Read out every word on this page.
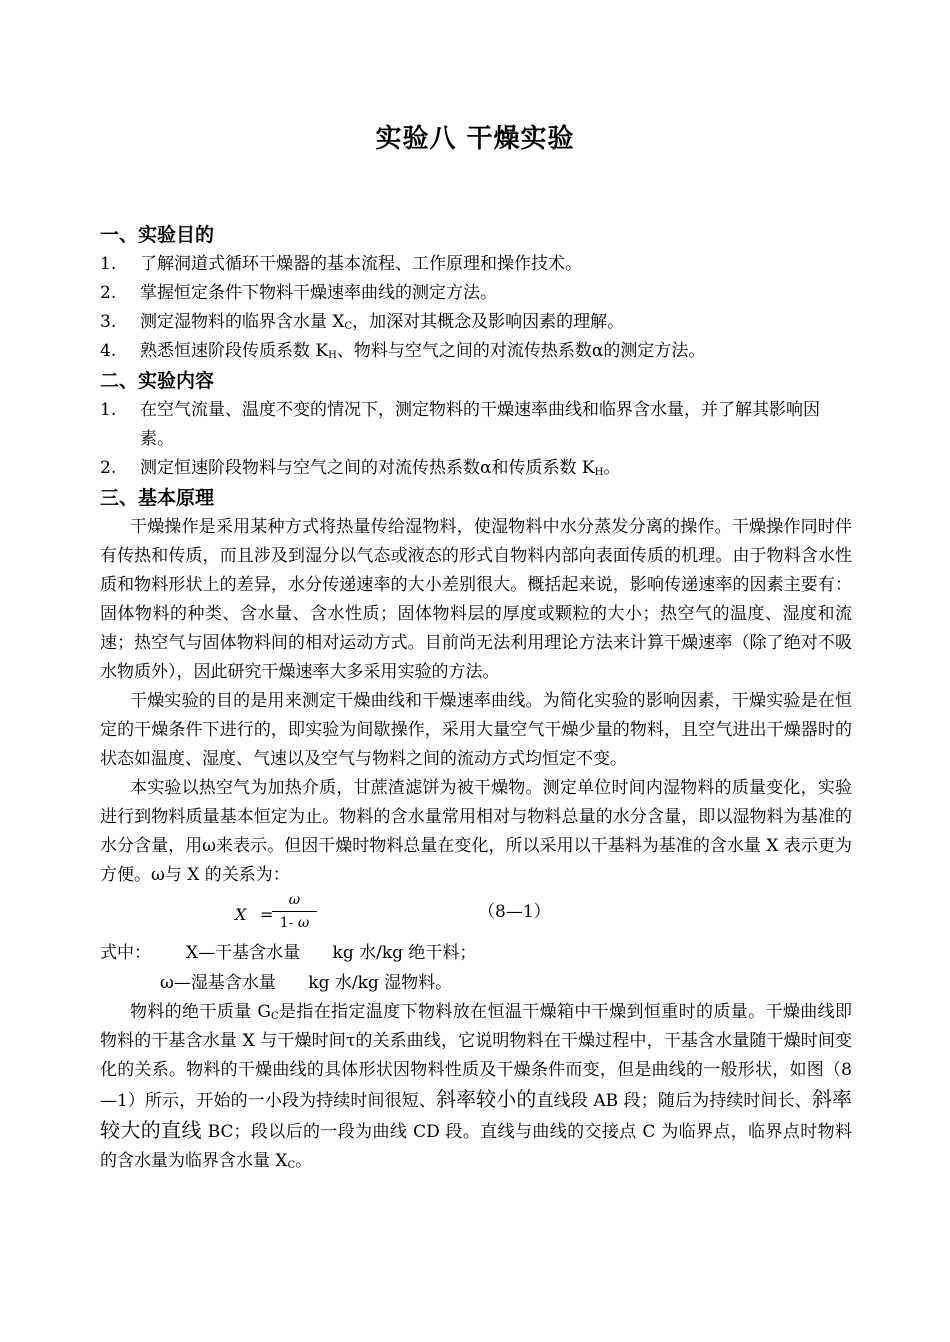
实验八 干燥实验
一、实验目的
1.	了解洞道式循环干燥器的基本流程、工作原理和操作技术。
2.	掌握恒定条件下物料干燥速率曲线的测定方法。
3.	测定湿物料的临界含水量 $X_C$，加深对其概念及影响因素的理解。
4.	熟悉恒速阶段传质系数 $K_H$、物料与空气之间的对流传热系数α的测定方法。
二、实验内容
1.	在空气流量、温度不变的情况下，测定物料的干燥速率曲线和临界含水量，并了解其影响因素。
2.	测定恒速阶段物料与空气之间的对流传热系数α和传质系数 $K_H$。
三、基本原理
干燥操作是采用某种方式将热量传给湿物料，使湿物料中水分蒸发分离的操作。干燥操作同时伴有传热和传质，而且涉及到湿分以气态或液态的形式自物料内部向表面传质的机理。由于物料含水性质和物料形状上的差异，水分传递速率的大小差别很大。概括起来说，影响传递速率的因素主要有：固体物料的种类、含水量、含水性质；固体物料层的厚度或颗粒的大小；热空气的温度、湿度和流速；热空气与固体物料间的相对运动方式。目前尚无法利用理论方法来计算干燥速率（除了绝对不吸水物质外），因此研究干燥速率大多采用实验的方法。
干燥实验的目的是用来测定干燥曲线和干燥速率曲线。为简化实验的影响因素，干燥实验是在恒定的干燥条件下进行的，即实验为间歇操作，采用大量空气干燥少量的物料，且空气进出干燥器时的状态如温度、湿度、气速以及空气与物料之间的流动方式均恒定不变。
本实验以热空气为加热介质，甘蔗渣滤饼为被干燥物。测定单位时间内湿物料的质量变化，实验进行到物料质量基本恒定为止。物料的含水量常用相对与物料总量的水分含量，即以湿物料为基准的水分含量，用ω来表示。但因干燥时物料总量在变化，所以采用以干基料为基准的含水量 X 表示更为方便。ω与 X 的关系为：
X =
ω
1- ω
（8—1）
式中： X—干基含水量      kg 水/kg 绝干料；
ω—湿基含水量      kg 水/kg 湿物料。
物料的绝干质量 $G_C$是指在指定温度下物料放在恒温干燥箱中干燥到恒重时的质量。干燥曲线即物料的干基含水量 X 与干燥时间τ的关系曲线，它说明物料在干燥过程中，干基含水量随干燥时间变化的关系。物料的干燥曲线的具体形状因物料性质及干燥条件而变，但是曲线的一般形状，如图（8—1）所示，开始的一小段为持续时间很短、斜率较小的直线段 AB 段；随后为持续时间长、斜率较大的直线 BC；段以后的一段为曲线 CD 段。直线与曲线的交接点 C 为临界点，临界点时物料的含水量为临界含水量 $X_C$。
